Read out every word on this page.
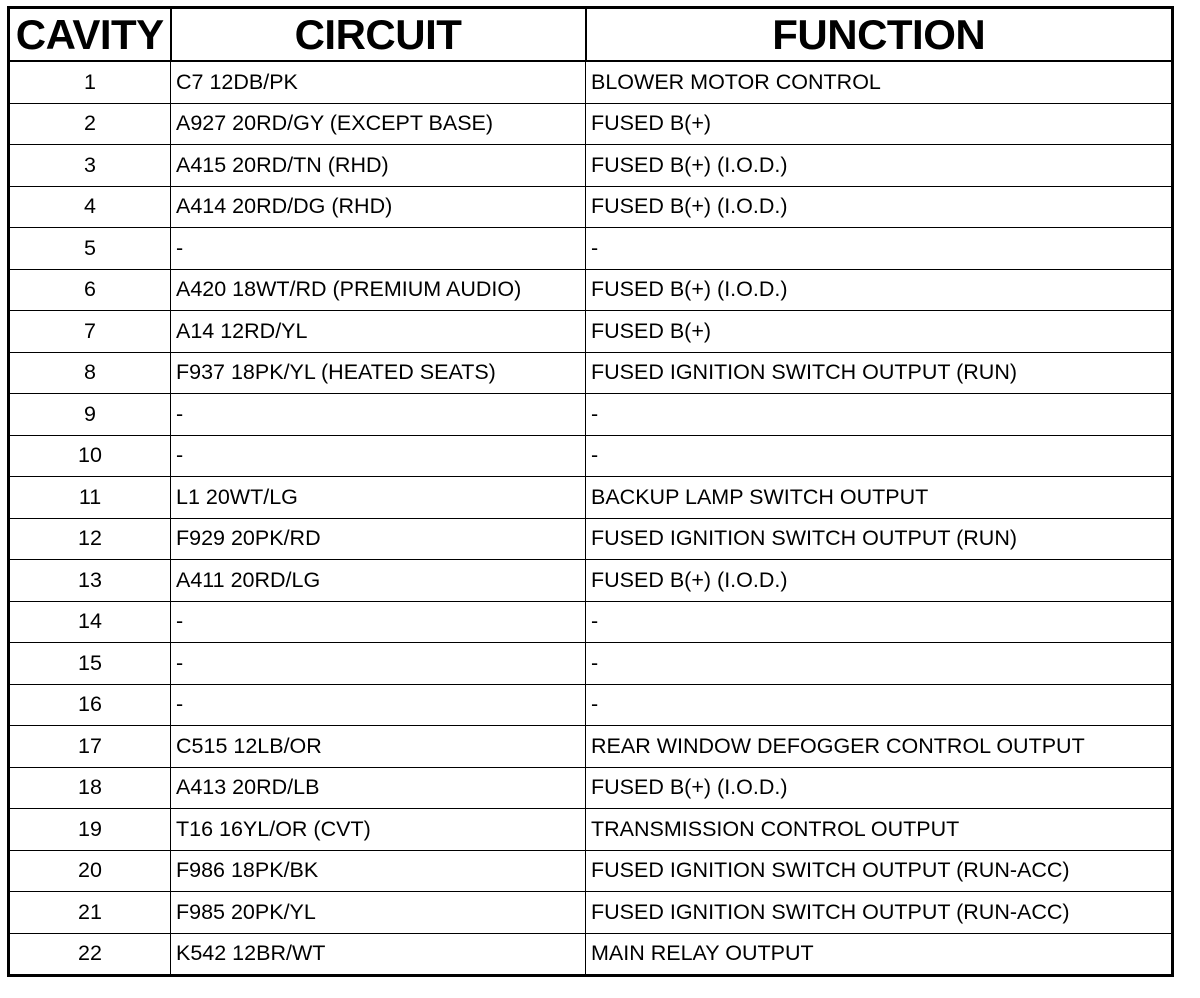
CAVITY	CIRCUIT	FUNCTION
1	C7 12DB/PK	BLOWER MOTOR CONTROL
2	A927 20RD/GY (EXCEPT BASE)	FUSED B(+)
3	A415 20RD/TN (RHD)	FUSED B(+) (I.O.D.)
4	A414 20RD/DG (RHD)	FUSED B(+) (I.O.D.)
5	-	-
6	A420 18WT/RD (PREMIUM AUDIO)	FUSED B(+) (I.O.D.)
7	A14 12RD/YL	FUSED B(+)
8	F937 18PK/YL (HEATED SEATS)	FUSED IGNITION SWITCH OUTPUT (RUN)
9	-	-
10	-	-
11	L1 20WT/LG	BACKUP LAMP SWITCH OUTPUT
12	F929 20PK/RD	FUSED IGNITION SWITCH OUTPUT (RUN)
13	A411 20RD/LG	FUSED B(+) (I.O.D.)
14	-	-
15	-	-
16	-	-
17	C515 12LB/OR	REAR WINDOW DEFOGGER CONTROL OUTPUT
18	A413 20RD/LB	FUSED B(+) (I.O.D.)
19	T16 16YL/OR (CVT)	TRANSMISSION CONTROL OUTPUT
20	F986 18PK/BK	FUSED IGNITION SWITCH OUTPUT (RUN-ACC)
21	F985 20PK/YL	FUSED IGNITION SWITCH OUTPUT (RUN-ACC)
22	K542 12BR/WT	MAIN RELAY OUTPUT
